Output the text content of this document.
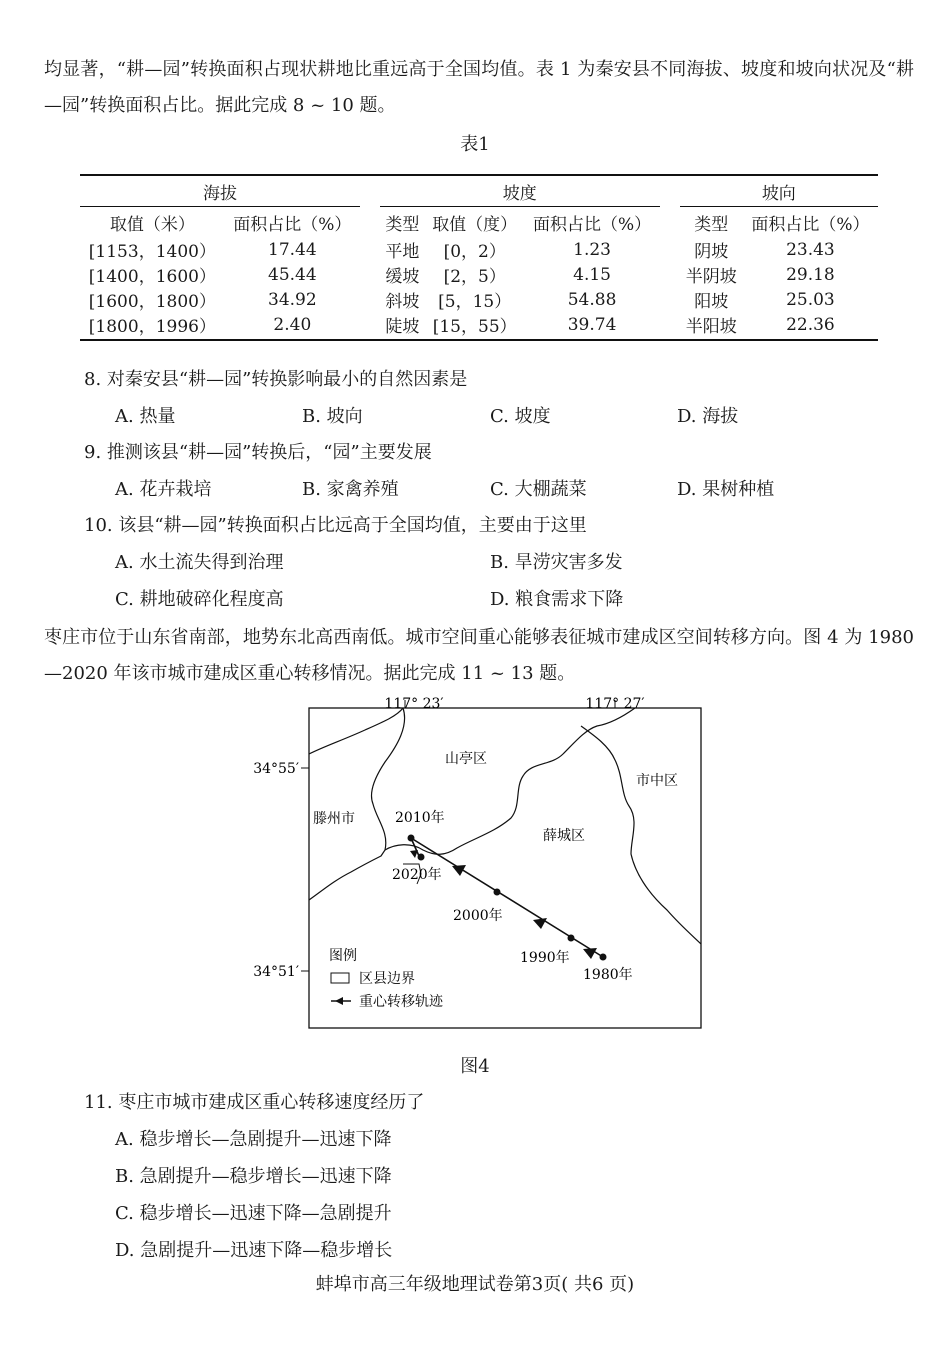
均显著，“耕—园”转换面积占现状耕地比重远高于全国均值。表 1 为秦安县不同海拔、坡度和坡向状况及“耕—园”转换面积占比。据此完成 8 ~ 10 题。
表1
海拔			坡度				坡向	
取值（米）	面积占比（%）		类型	取值（度）	面积占比（%）		类型	面积占比（%）
[1153，1400）	17.44		平地	[0，2）	1.23		阴坡	23.43
[1400，1600）	45.44		缓坡	[2，5）	4.15		半阴坡	29.18
[1600，1800）	34.92		斜坡	[5，15）	54.88		阳坡	25.03
[1800，1996）	2.40		陡坡	[15，55）	39.74		半阳坡	22.36
8. 对秦安县“耕—园”转换影响最小的自然因素是
A. 热量	B. 坡向	C. 坡度	D. 海拔
9. 推测该县“耕—园”转换后，“园”主要发展
A. 花卉栽培	B. 家禽养殖	C. 大棚蔬菜	D. 果树种植
10. 该县“耕—园”转换面积占比远高于全国均值，主要由于这里
A. 水土流失得到治理	B. 旱涝灾害多发
C. 耕地破碎化程度高	D. 粮食需求下降
枣庄市位于山东省南部，地势东北高西南低。城市空间重心能够表征城市建成区空间转移方向。图 4 为 1980—2020 年该市城市建成区重心转移情况。据此完成 11 ~ 13 题。
117° 23′	117° 27′
34°55′
34°51′
山亭区
市中区
滕州市
薛城区
2010年
2020年
2000年
1990年
1980年
图例
区县边界
重心转移轨迹
图4
11. 枣庄市城市建成区重心转移速度经历了
A. 稳步增长—急剧提升—迅速下降
B. 急剧提升—稳步增长—迅速下降
C. 稳步增长—迅速下降—急剧提升
D. 急剧提升—迅速下降—稳步增长
蚌埠市高三年级地理试卷第3页( 共6 页)
